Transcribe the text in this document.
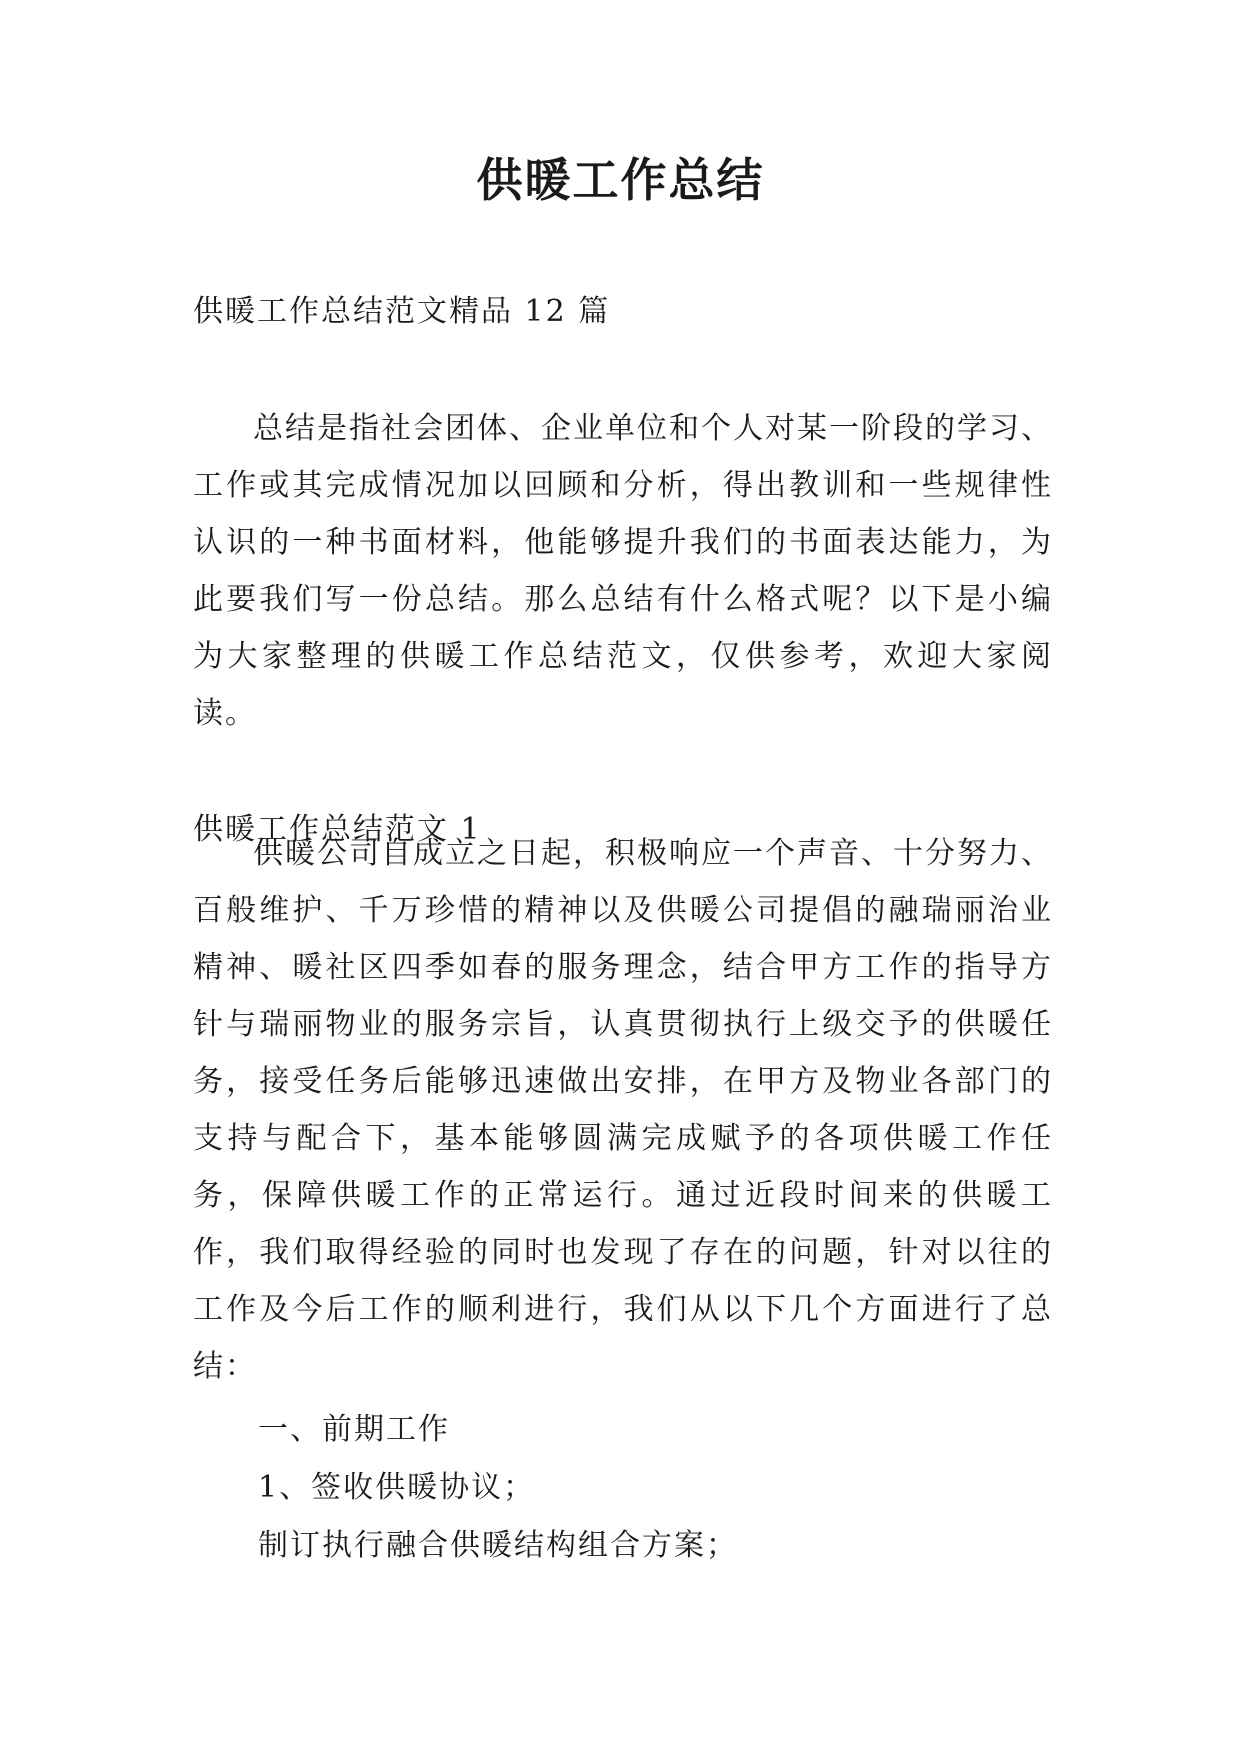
供暖工作总结
供暖工作总结范文精品 12 篇

总结是指社会团体、企业单位和个人对某一阶段的学习、工作或其完成情况加以回顾和分析，得出教训和一些规律性认识的一种书面材料，他能够提升我们的书面表达能力，为此要我们写一份总结。那么总结有什么格式呢？以下是小编为大家整理的供暖工作总结范文，仅供参考，欢迎大家阅读。

供暖工作总结范文 1

供暖公司自成立之日起，积极响应一个声音、十分努力、百般维护、千万珍惜的精神以及供暖公司提倡的融瑞丽治业精神、暖社区四季如春的服务理念，结合甲方工作的指导方针与瑞丽物业的服务宗旨，认真贯彻执行上级交予的供暖任务，接受任务后能够迅速做出安排，在甲方及物业各部门的支持与配合下，基本能够圆满完成赋予的各项供暖工作任务，保障供暖工作的正常运行。通过近段时间来的供暖工作，我们取得经验的同时也发现了存在的问题，针对以往的工作及今后工作的顺利进行，我们从以下几个方面进行了总结：

一、前期工作
1、签收供暖协议；
制订执行融合供暖结构组合方案；
